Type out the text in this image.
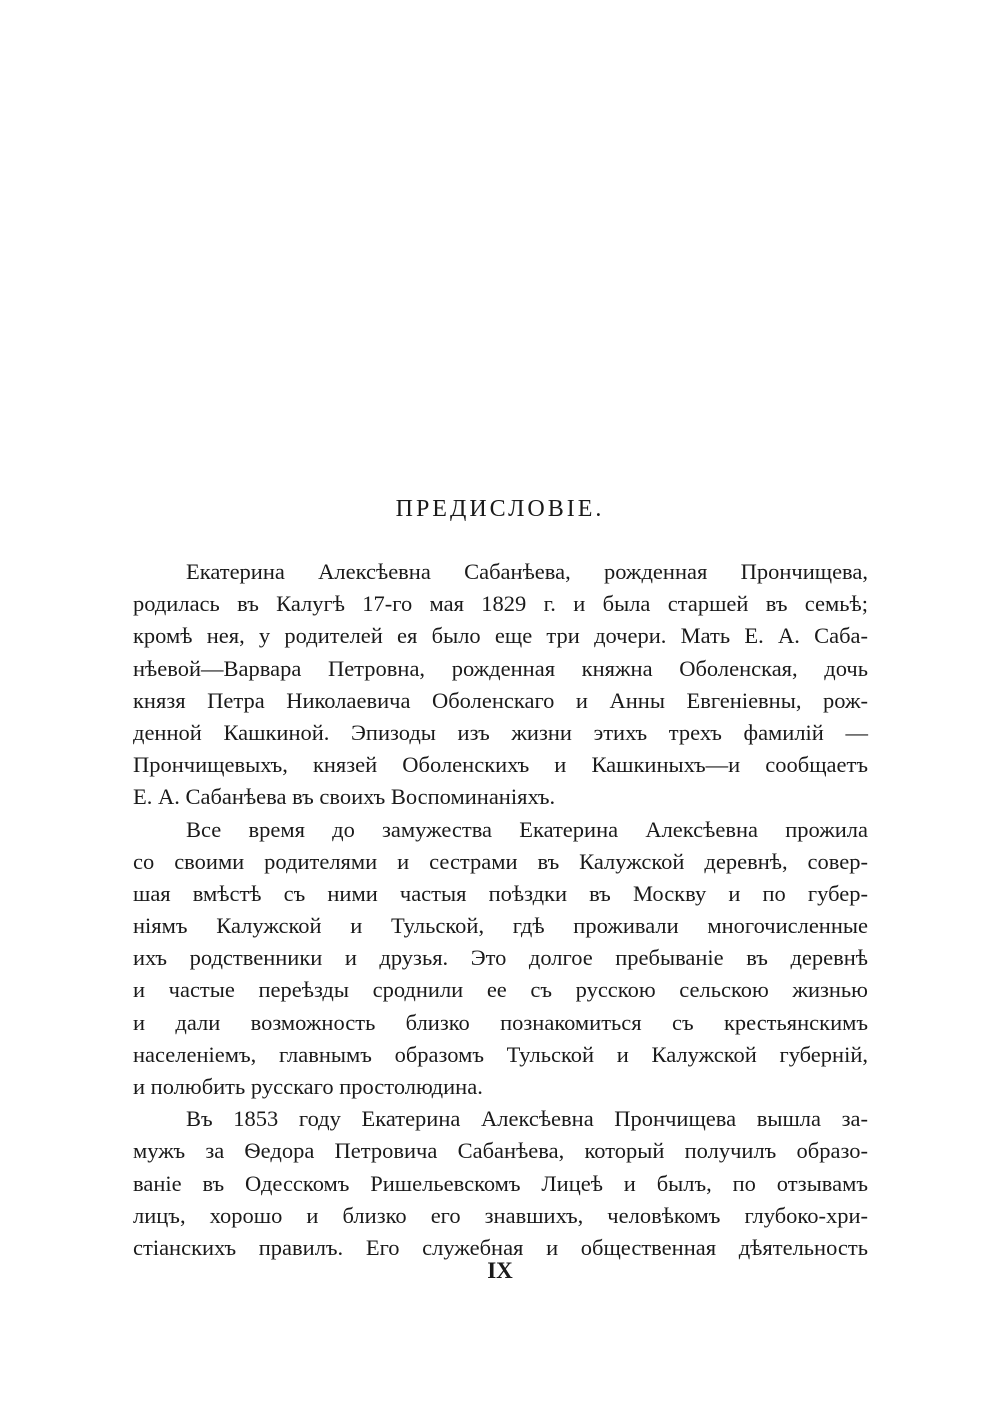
ПРЕДИСЛОВІЕ.
Екатерина Алексѣевна Сабанѣева, рожденная Прончищева,
родилась въ Калугѣ 17-го мая 1829 г. и была старшей въ семьѣ;
кромѣ нея, у родителей ея было еще три дочери. Мать Е. А. Саба-
нѣевой—Варвара Петровна, рожденная княжна Оболенская, дочь
князя Петра Николаевича Оболенскаго и Анны Евгеніевны, рож-
денной Кашкиной. Эпизоды изъ жизни этихъ трехъ фамилій —
Прончищевыхъ, князей Оболенскихъ и Кашкиныхъ—и сообщаетъ
Е. А. Сабанѣева въ своихъ Воспоминаніяхъ.
Все время до замужества Екатерина Алексѣевна прожила
со своими родителями и сестрами въ Калужской деревнѣ, совер-
шая вмѣстѣ съ ними частыя поѣздки въ Москву и по губер-
ніямъ Калужской и Тульской, гдѣ проживали многочисленные
ихъ родственники и друзья. Это долгое пребываніе въ деревнѣ
и частые переѣзды сроднили ее съ русскою сельскою жизнью
и дали возможность близко познакомиться съ крестьянскимъ
населеніемъ, главнымъ образомъ Тульской и Калужской губерній,
и полюбить русскаго простолюдина.
Въ 1853 году Екатерина Алексѣевна Прончищева вышла за-
мужъ за Ѳедора Петровича Сабанѣева, который получилъ образо-
ваніе въ Одесскомъ Ришельевскомъ Лицеѣ и былъ, по отзывамъ
лицъ, хорошо и близко его знавшихъ, человѣкомъ глубоко-хри-
стіанскихъ правилъ. Его служебная и общественная дѣятельность
IX
